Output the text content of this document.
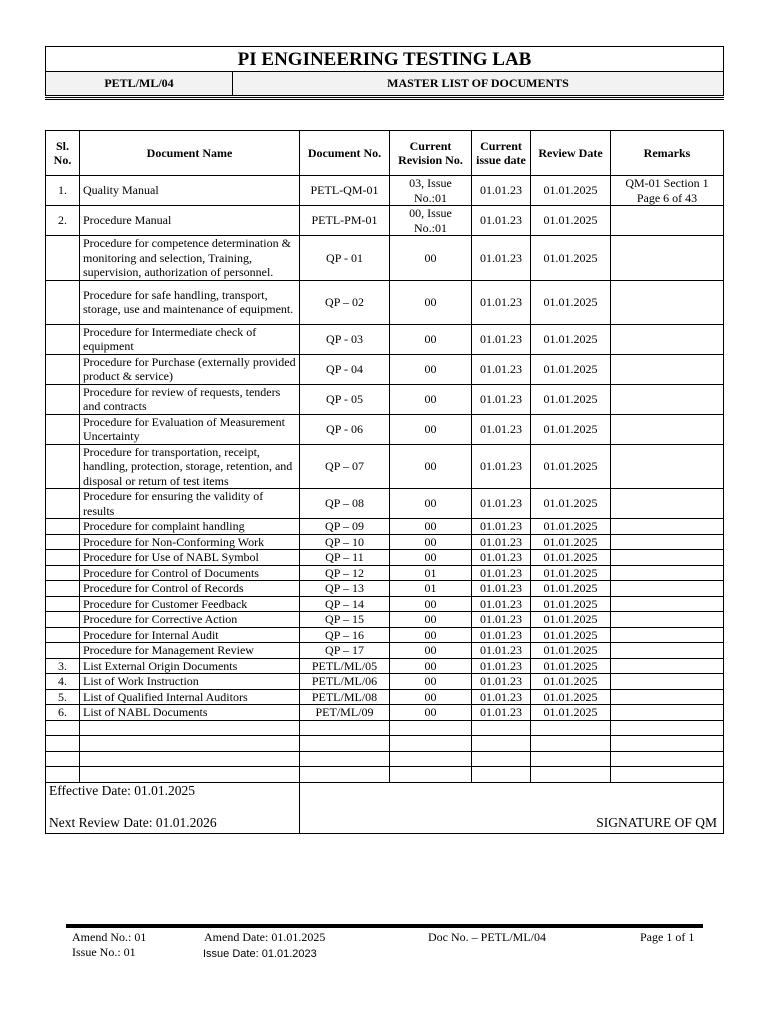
PI ENGINEERING TESTING LAB
PETL/ML/04	MASTER LIST OF DOCUMENTS
Sl. No.	Document Name	Document No.	Current Revision No.	Current issue date	Review Date	Remarks
1.	Quality Manual	PETL-QM-01	03, Issue No.:01	01.01.23	01.01.2025	QM-01 Section 1 Page 6 of 43
2.	Procedure Manual	PETL-PM-01	00, Issue No.:01	01.01.23	01.01.2025	
	Procedure for competence determination & monitoring and selection, Training, supervision, authorization of personnel.	QP - 01	00	01.01.23	01.01.2025	
	Procedure for safe handling, transport, storage, use and maintenance of equipment.	QP – 02	00	01.01.23	01.01.2025	
	Procedure for Intermediate check of equipment	QP - 03	00	01.01.23	01.01.2025	
	Procedure for Purchase (externally provided product & service)	QP - 04	00	01.01.23	01.01.2025	
	Procedure for review of requests, tenders and contracts	QP - 05	00	01.01.23	01.01.2025	
	Procedure for Evaluation of Measurement Uncertainty	QP - 06	00	01.01.23	01.01.2025	
	Procedure for transportation, receipt, handling, protection, storage, retention, and disposal or return of test items	QP – 07	00	01.01.23	01.01.2025	
	Procedure for ensuring the validity of results	QP – 08	00	01.01.23	01.01.2025	
	Procedure for complaint handling	QP – 09	00	01.01.23	01.01.2025	
	Procedure for Non-Conforming Work	QP – 10	00	01.01.23	01.01.2025	
	Procedure for Use of NABL Symbol	QP – 11	00	01.01.23	01.01.2025	
	Procedure for Control of Documents	QP – 12	01	01.01.23	01.01.2025	
	Procedure for Control of Records	QP – 13	01	01.01.23	01.01.2025	
	Procedure for Customer Feedback	QP – 14	00	01.01.23	01.01.2025	
	Procedure for Corrective Action	QP – 15	00	01.01.23	01.01.2025	
	Procedure for Internal Audit	QP – 16	00	01.01.23	01.01.2025	
	Procedure for Management Review	QP – 17	00	01.01.23	01.01.2025	
3.	List External Origin Documents	PETL/ML/05	00	01.01.23	01.01.2025	
4.	List of Work Instruction	PETL/ML/06	00	01.01.23	01.01.2025	
5.	List of Qualified Internal Auditors	PETL/ML/08	00	01.01.23	01.01.2025	
6.	List of NABL Documents	PET/ML/09	00	01.01.23	01.01.2025	

Effective Date: 01.01.2025
Next Review Date: 01.01.2026		SIGNATURE OF QM				
Amend No.: 01
Issue No.: 01
Amend Date: 01.01.2025
Issue Date: 01.01.2023
Doc No. – PETL/ML/04	Page 1 of 1
